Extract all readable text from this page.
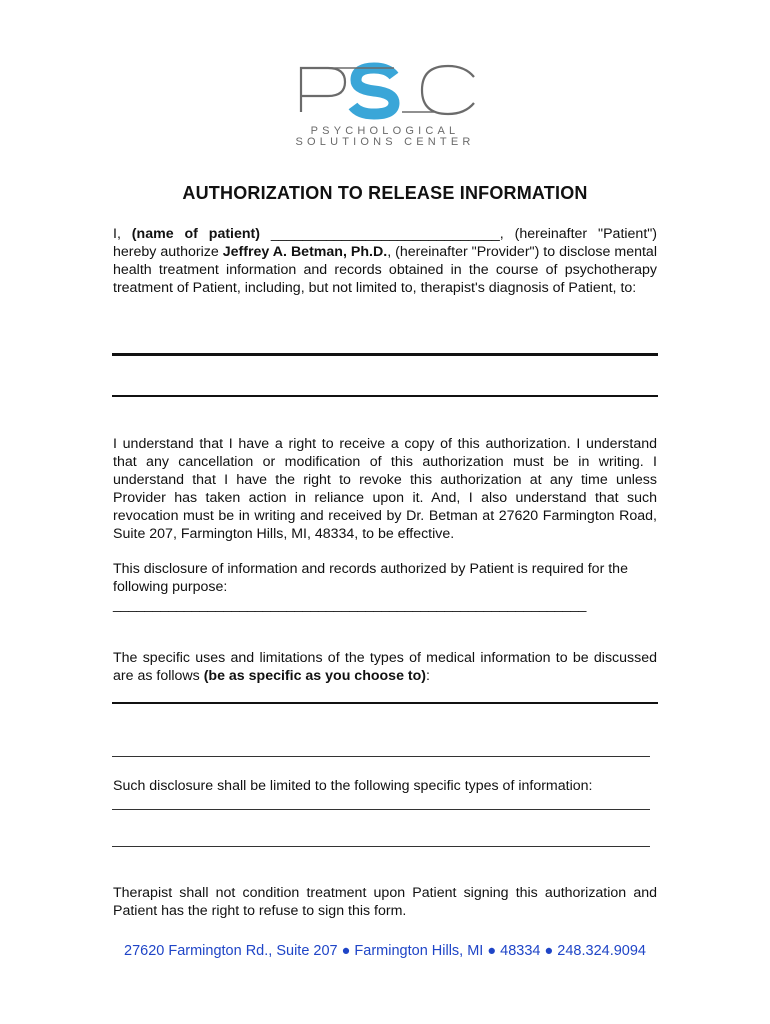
PSYCHOLOGICAL
SOLUTIONS CENTER
AUTHORIZATION TO RELEASE INFORMATION

I, (name of patient) _____________________________, (hereinafter "Patient") hereby authorize Jeffrey A. Betman, Ph.D., (hereinafter "Provider") to disclose mental health treatment information and records obtained in the course of psychotherapy treatment of Patient, including, but not limited to, therapist's diagnosis of Patient, to:

I understand that I have a right to receive a copy of this authorization. I understand that any cancellation or modification of this authorization must be in writing. I understand that I have the right to revoke this authorization at any time unless Provider has taken action in reliance upon it. And, I also understand that such revocation must be in writing and received by Dr. Betman at 27620 Farmington Road, Suite 207, Farmington Hills, MI, 48334, to be effective.

This disclosure of information and records authorized by Patient is required for the following purpose:
____________________________________________________________

The specific uses and limitations of the types of medical information to be discussed are as follows (be as specific as you choose to):

Such disclosure shall be limited to the following specific types of information:

Therapist shall not condition treatment upon Patient signing this authorization and Patient has the right to refuse to sign this form.

27620 Farmington Rd., Suite 207 ● Farmington Hills, MI ● 48334 ● 248.324.9094
